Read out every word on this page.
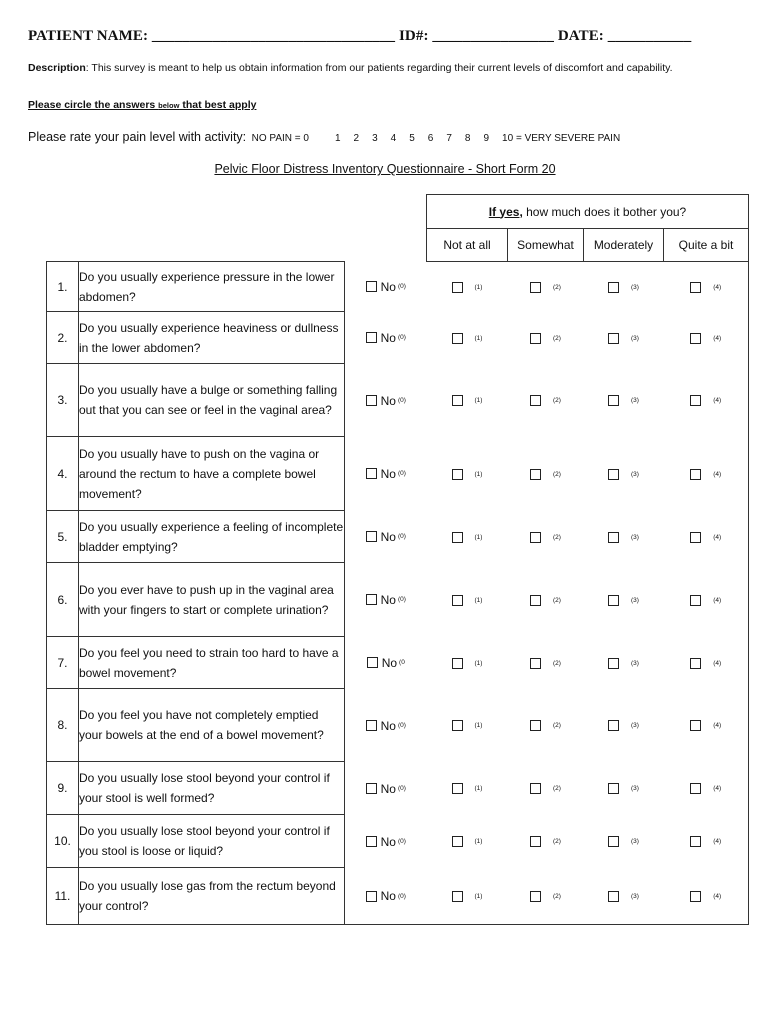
PATIENT NAME: ________________________________ ID#: ________________ DATE: ___________
Description: This survey is meant to help us obtain information from our patients regarding their current levels of discomfort and capability.
Please circle the answers below that best apply
Please rate your pain level with activity: NO PAIN = 0	1 2 3 4 5 6 7 8 9 10 = VERY SEVERE PAIN
Pelvic Floor Distress Inventory Questionnaire - Short Form 20
			If yes, how much does it bother you?			
			Not at all	Somewhat	Moderately	Quite a bit
1.	Do you usually experience pressure in the lower abdomen?	No (0)	(1)	(2)	(3)	(4)
2.	Do you usually experience heaviness or dullness in the lower abdomen?	No (0)	(1)	(2)	(3)	(4)
3.	Do you usually have a bulge or something falling out that you can see or feel in the vaginal area?	No (0)	(1)	(2)	(3)	(4)
4.	Do you usually have to push on the vagina or around the rectum to have a complete bowel movement?	No (0)	(1)	(2)	(3)	(4)
5.	Do you usually experience a feeling of incomplete bladder emptying?	No (0)	(1)	(2)	(3)	(4)
6.	Do you ever have to push up in the vaginal area with your fingers to start or complete urination?	No (0)	(1)	(2)	(3)	(4)
7.	Do you feel you need to strain too hard to have a bowel movement?	No (0	(1)	(2)	(3)	(4)
8.	Do you feel you have not completely emptied your bowels at the end of a bowel movement?	No (0)	(1)	(2)	(3)	(4)
9.	Do you usually lose stool beyond your control if your stool is well formed?	No (0)	(1)	(2)	(3)	(4)
10.	Do you usually lose stool beyond your control if you stool is loose or liquid?	No (0)	(1)	(2)	(3)	(4)
11.	Do you usually lose gas from the rectum beyond your control?	No (0)	(1)	(2)	(3)	(4)
